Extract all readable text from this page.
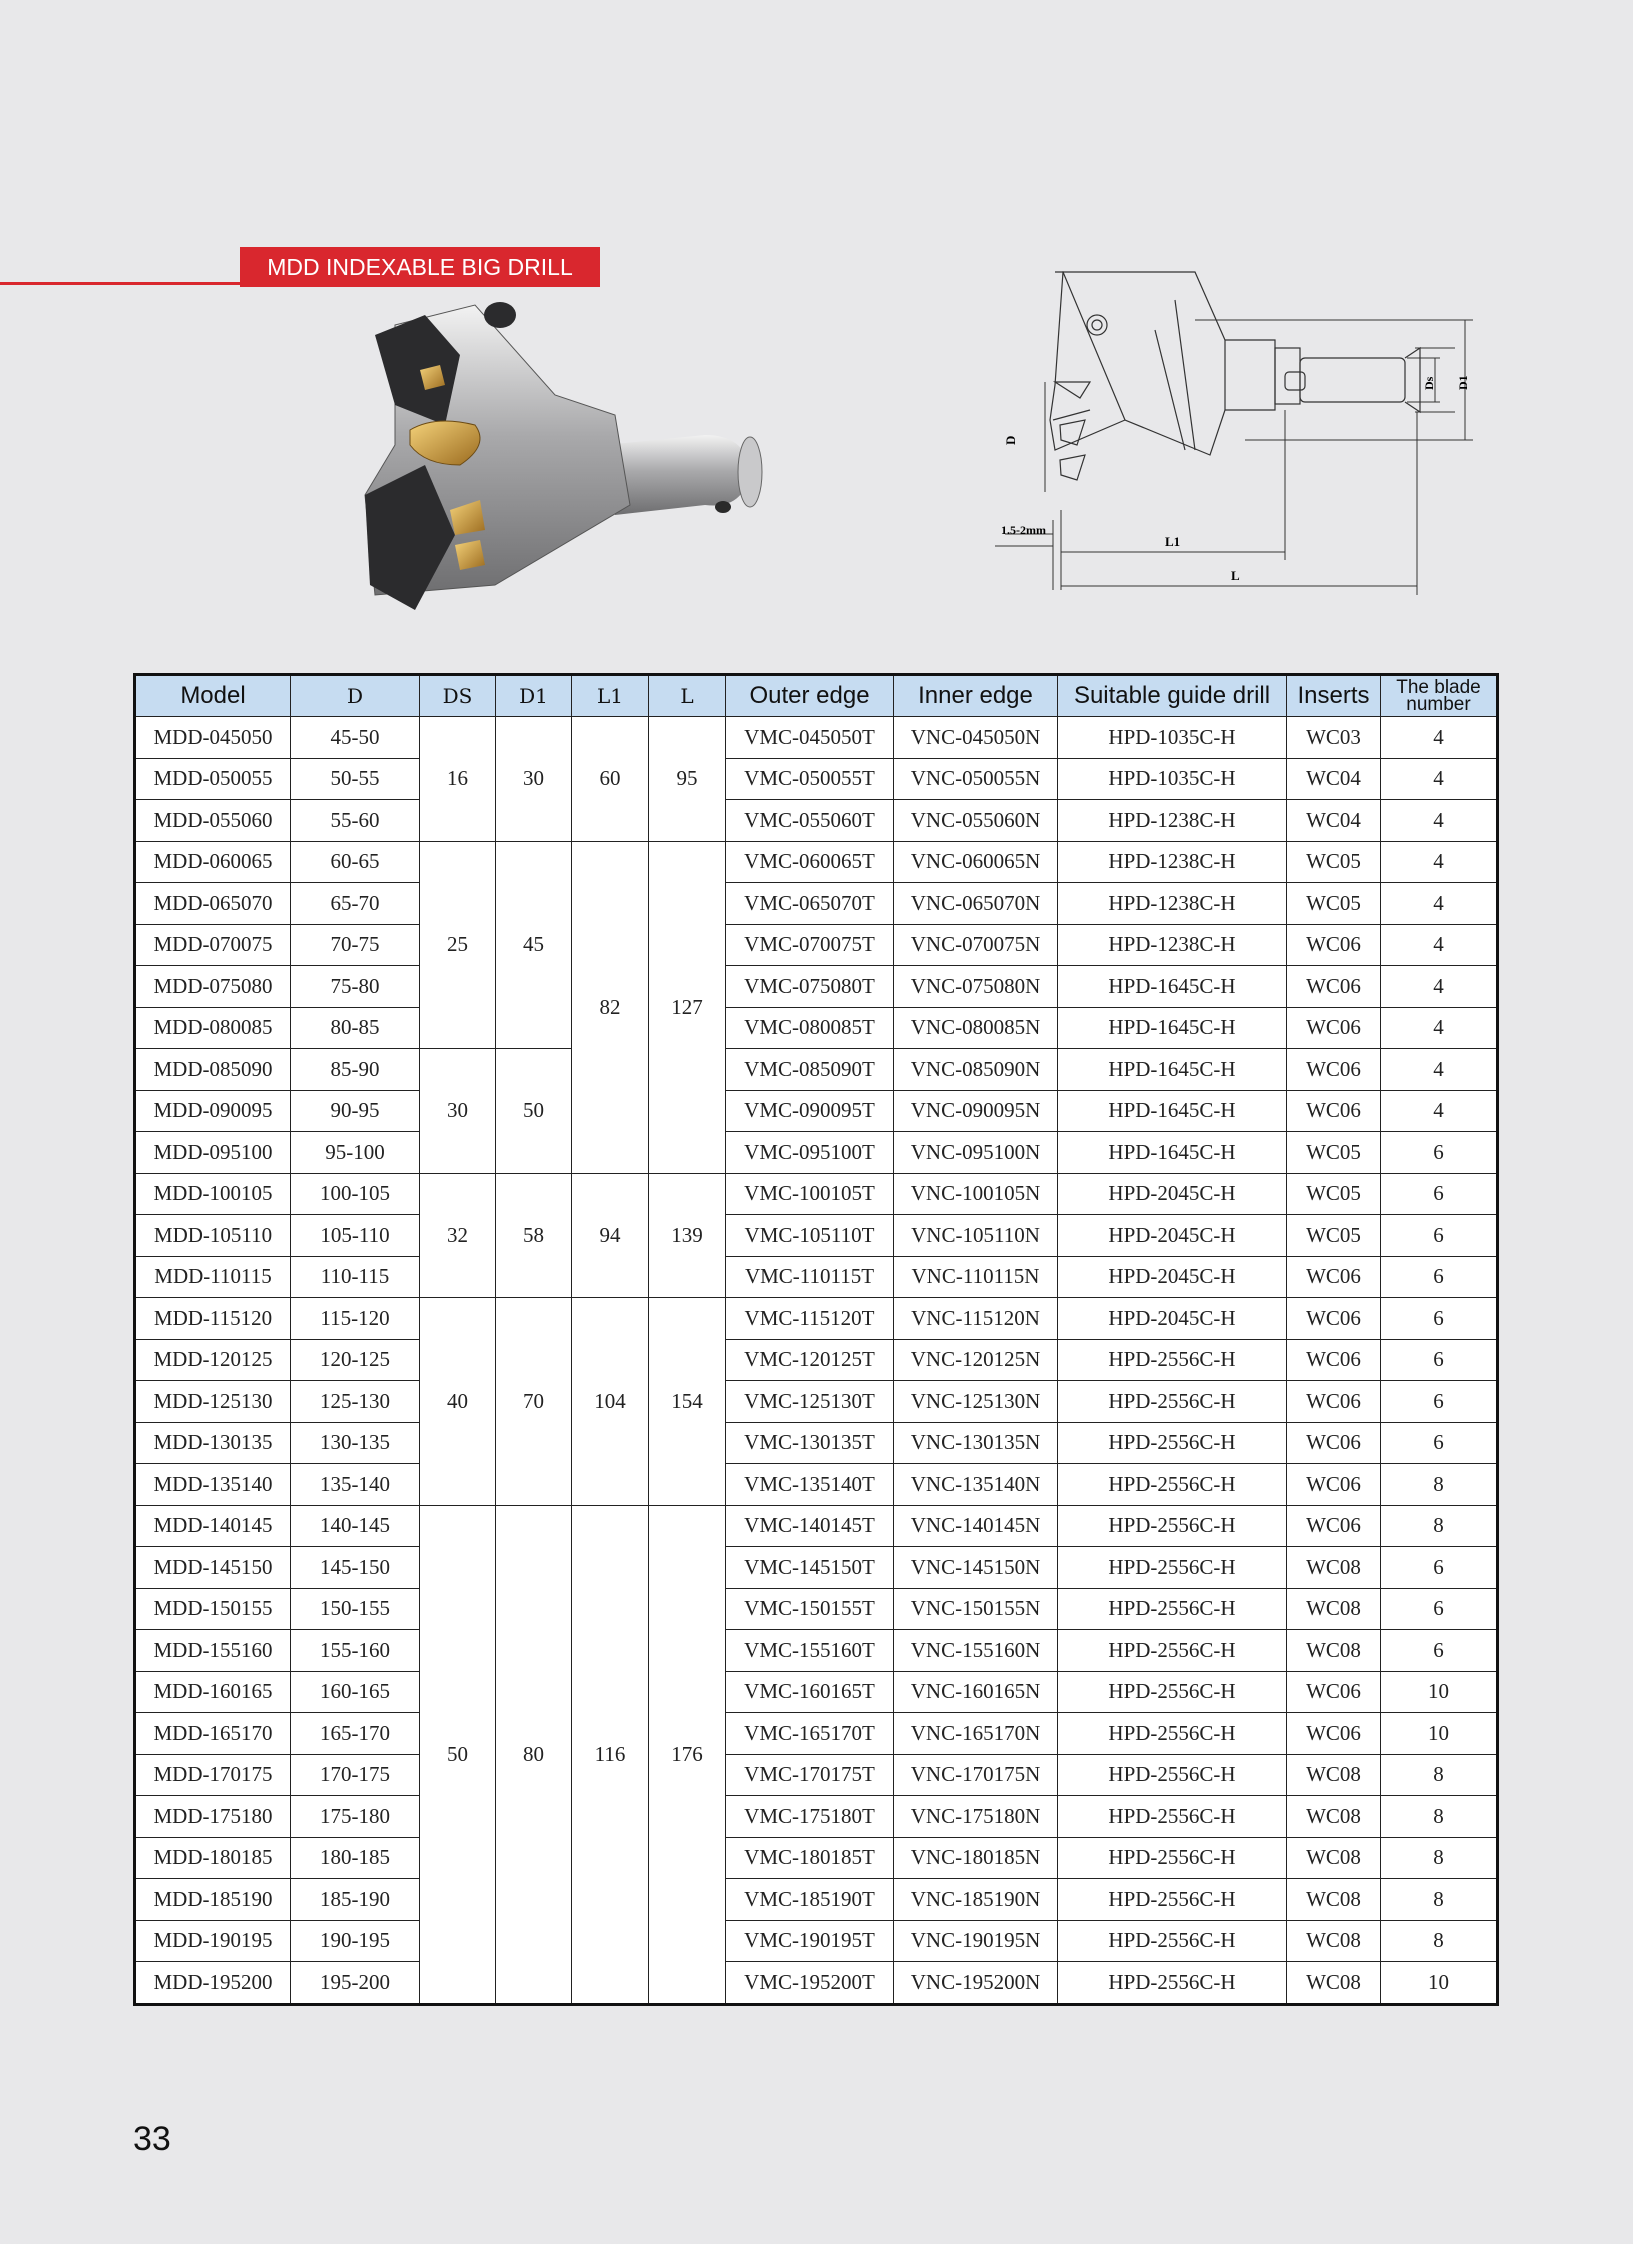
MDD INDEXABLE BIG DRILL
D
Ds D1
1.5-2mm
L1
L
Model	D	DS	D1	L1	L	Outer edge	Inner edge	Suitable guide drill	Inserts	The blade number
MDD-045050	45-50	16	30	60	95	VMC-045050T	VNC-045050N	HPD-1035C-H	WC03	4
MDD-050055	50-55					VMC-050055T	VNC-050055N	HPD-1035C-H	WC04	4
MDD-055060	55-60					VMC-055060T	VNC-055060N	HPD-1238C-H	WC04	4
MDD-060065	60-65	25	45	82	127	VMC-060065T	VNC-060065N	HPD-1238C-H	WC05	4
MDD-065070	65-70					VMC-065070T	VNC-065070N	HPD-1238C-H	WC05	4
MDD-070075	70-75					VMC-070075T	VNC-070075N	HPD-1238C-H	WC06	4
MDD-075080	75-80					VMC-075080T	VNC-075080N	HPD-1645C-H	WC06	4
MDD-080085	80-85					VMC-080085T	VNC-080085N	HPD-1645C-H	WC06	4
MDD-085090	85-90	30	50			VMC-085090T	VNC-085090N	HPD-1645C-H	WC06	4
MDD-090095	90-95					VMC-090095T	VNC-090095N	HPD-1645C-H	WC06	4
MDD-095100	95-100					VMC-095100T	VNC-095100N	HPD-1645C-H	WC05	6
MDD-100105	100-105	32	58	94	139	VMC-100105T	VNC-100105N	HPD-2045C-H	WC05	6
MDD-105110	105-110					VMC-105110T	VNC-105110N	HPD-2045C-H	WC05	6
MDD-110115	110-115					VMC-110115T	VNC-110115N	HPD-2045C-H	WC06	6
MDD-115120	115-120	40	70	104	154	VMC-115120T	VNC-115120N	HPD-2045C-H	WC06	6
MDD-120125	120-125					VMC-120125T	VNC-120125N	HPD-2556C-H	WC06	6
MDD-125130	125-130					VMC-125130T	VNC-125130N	HPD-2556C-H	WC06	6
MDD-130135	130-135					VMC-130135T	VNC-130135N	HPD-2556C-H	WC06	6
MDD-135140	135-140					VMC-135140T	VNC-135140N	HPD-2556C-H	WC06	8
MDD-140145	140-145	50	80	116	176	VMC-140145T	VNC-140145N	HPD-2556C-H	WC06	8
MDD-145150	145-150					VMC-145150T	VNC-145150N	HPD-2556C-H	WC08	6
MDD-150155	150-155					VMC-150155T	VNC-150155N	HPD-2556C-H	WC08	6
MDD-155160	155-160					VMC-155160T	VNC-155160N	HPD-2556C-H	WC08	6
MDD-160165	160-165					VMC-160165T	VNC-160165N	HPD-2556C-H	WC06	10
MDD-165170	165-170					VMC-165170T	VNC-165170N	HPD-2556C-H	WC06	10
MDD-170175	170-175					VMC-170175T	VNC-170175N	HPD-2556C-H	WC08	8
MDD-175180	175-180					VMC-175180T	VNC-175180N	HPD-2556C-H	WC08	8
MDD-180185	180-185					VMC-180185T	VNC-180185N	HPD-2556C-H	WC08	8
MDD-185190	185-190					VMC-185190T	VNC-185190N	HPD-2556C-H	WC08	8
MDD-190195	190-195					VMC-190195T	VNC-190195N	HPD-2556C-H	WC08	8
MDD-195200	195-200					VMC-195200T	VNC-195200N	HPD-2556C-H	WC08	10
33
